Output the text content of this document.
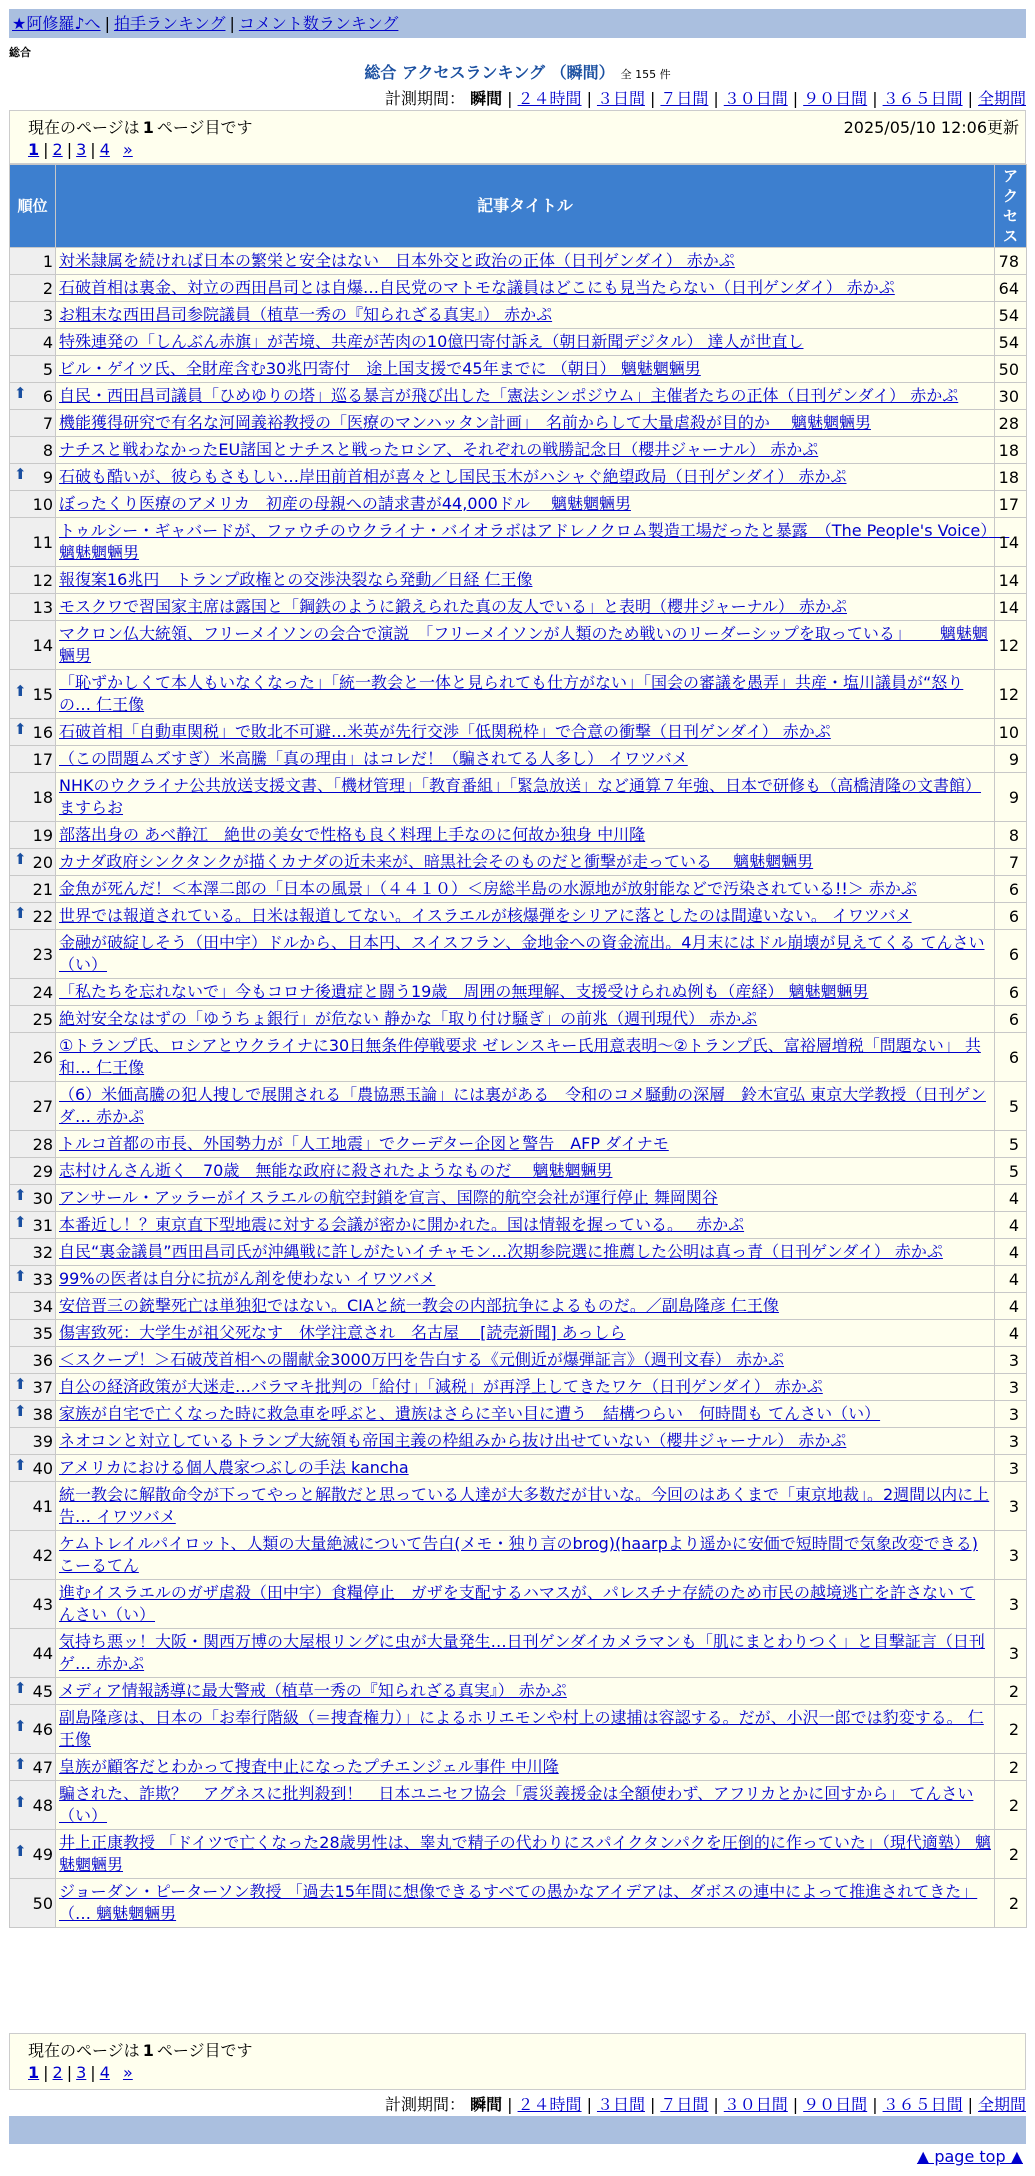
★阿修羅♪へ | 拍手ランキング | コメント数ランキング
総合
総合 アクセスランキング （瞬間） 全 155 件
計測期間： 瞬間 | ２４時間 | ３日間 | ７日間 | ３０日間 | ９０日間 | ３６５日間 | 全期間
現在のページは 1 ページ目です	2025/05/10 12:06更新
1 | 2 | 3 | 4 »
順位	記事タイトル	アクセス
1	対米隷属を続ければ日本の繁栄と安全はない　日本外交と政治の正体（日刊ゲンダイ） 赤かぷ	78
2	石破首相は裏金、対立の西田昌司とは自爆…自民党のマトモな議員はどこにも見当たらない（日刊ゲンダイ） 赤かぷ	64
3	お粗末な西田昌司参院議員（植草一秀の『知られざる真実』） 赤かぷ	54
4	特殊連発の「しんぶん赤旗」が苦境、共産が苦肉の10億円寄付訴え（朝日新聞デジタル） 達人が世直し	54
5	ビル・ゲイツ氏、全財産含む30兆円寄付　途上国支援で45年までに （朝日） 魑魅魍魎男	50

⬆ 6	自民・西田昌司議員「ひめゆりの塔」巡る暴言が飛び出した「憲法シンポジウム」主催者たちの正体（日刊ゲンダイ） 赤かぷ	30
7	機能獲得研究で有名な河岡義裕教授の「医療のマンハッタン計画」　名前からして大量虐殺が目的か　 魑魅魍魎男	28
8	ナチスと戦わなかったEU諸国とナチスと戦ったロシア、それぞれの戦勝記念日（櫻井ジャーナル） 赤かぷ	18

⬆ 9	石破も酷いが、彼らもさもしい…岸田前首相が喜々とし国民玉木がハシャぐ絶望政局（日刊ゲンダイ） 赤かぷ	18
10	ぼったくり医療のアメリカ　初産の母親への請求書が44,000ドル　 魑魅魍魎男	17
11	トゥルシー・ギャバードが、ファウチのウクライナ・バイオラボはアドレノクロム製造工場だったと暴露　（The People's Voice）　 魑魅魍魎男	14
12	報復案16兆円　トランプ政権との交渉決裂なら発動／日経 仁王像	14
13	モスクワで習国家主席は露国と「鋼鉄のように鍛えられた真の友人でいる」と表明（櫻井ジャーナル） 赤かぷ	14
14	マクロン仏大統領、フリーメイソンの会合で演説　「フリーメイソンが人類のため戦いのリーダーシップを取っている」　　 魑魅魍魎男	12

⬆ 15	「恥ずかしくて本人もいなくなった」「統一教会と一体と見られても仕方がない」「国会の審議を愚弄」共産・塩川議員が“怒りの… 仁王像	12

⬆ 16	石破首相「自動車関税」で敗北不可避…米英が先行交渉「低関税枠」で合意の衝撃（日刊ゲンダイ） 赤かぷ	10
17	（この問題ムズすぎ）米高騰「真の理由」はコレだ！（騙されてる人多し） イワツバメ	9
18	NHKのウクライナ公共放送支援文書、「機材管理」「教育番組」「緊急放送」など通算７年強、日本で研修も（高橋清隆の文書館） ますらお	9
19	部落出身の あべ静江　絶世の美女で性格も良く料理上手なのに何故か独身 中川隆	8

⬆ 20	カナダ政府シンクタンクが描くカナダの近未来が、暗黒社会そのものだと衝撃が走っている　 魑魅魍魎男	7
21	金魚が死んだ！＜本澤二郎の「日本の風景」（４４１０）＜房総半島の水源地が放射能などで汚染されている!!＞ 赤かぷ	6

⬆ 22	世界では報道されている。日米は報道してない。イスラエルが核爆弾をシリアに落としたのは間違いない。 イワツバメ	6
23	金融が破綻しそう（田中宇）ドルから、日本円、スイスフラン、金地金への資金流出。4月末にはドル崩壊が見えてくる てんさい（い）	6
24	「私たちを忘れないで」今もコロナ後遺症と闘う19歳　周囲の無理解、支援受けられぬ例も（産経） 魑魅魍魎男	6
25	絶対安全なはずの「ゆうちょ銀行」が危ない 静かな「取り付け騒ぎ」の前兆（週刊現代） 赤かぷ	6
26	①トランプ氏、ロシアとウクライナに30日無条件停戦要求 ゼレンスキー氏用意表明～②トランプ氏、富裕層増税「問題ない」 共和… 仁王像	6
27	（6）米価高騰の犯人捜しで展開される「農協悪玉論」には裏がある　令和のコメ騒動の深層　鈴木宣弘 東京大学教授（日刊ゲンダ… 赤かぷ	5
28	トルコ首都の市長、外国勢力が「人工地震」でクーデター企図と警告　AFP ダイナモ	5
29	志村けんさん逝く　70歳　無能な政府に殺されたようなものだ　 魑魅魍魎男	5

⬆ 30	アンサール・アッラーがイスラエルの航空封鎖を宣言、国際的航空会社が運行停止 舞岡関谷	4

⬆ 31	本番近し！？東京直下型地震に対する会議が密かに開かれた。国は情報を握っている。　 赤かぷ	4
32	自民“裏金議員”西田昌司氏が沖縄戦に許しがたいイチャモン…次期参院選に推薦した公明は真っ青（日刊ゲンダイ） 赤かぷ	4

⬆ 33	99%の医者は自分に抗がん剤を使わない イワツバメ	4
34	安倍晋三の銃撃死亡は単独犯ではない。CIAと統一教会の内部抗争によるものだ。／副島隆彦 仁王像	4
35	傷害致死：大学生が祖父死なす　休学注意され　名古屋　 [読売新聞] あっしら	4
36	＜スクープ！＞石破茂首相への闇献金3000万円を告白する《元側近が爆弾証言》（週刊文春） 赤かぷ	3

⬆ 37	自公の経済政策が大迷走…バラマキ批判の「給付」「減税」が再浮上してきたワケ（日刊ゲンダイ） 赤かぷ	3

⬆ 38	家族が自宅で亡くなった時に救急車を呼ぶと、遺族はさらに辛い目に遭う　結構つらい　何時間も てんさい（い）	3
39	ネオコンと対立しているトランプ大統領も帝国主義の枠組みから抜け出せていない（櫻井ジャーナル） 赤かぷ	3

⬆ 40	アメリカにおける個人農家つぶしの手法 kancha	3
41	統一教会に解散命令が下ってやっと解散だと思っている人達が大多数だが甘いな。今回のはあくまで「東京地裁」。2週間以内に上告… イワツバメ	3
42	ケムトレイルパイロット、人類の大量絶滅について告白(メモ・独り言のbrog)(haarpより遥かに安価で短時間で気象改変できる) こーるてん	3
43	進むイスラエルのガザ虐殺（田中宇）食糧停止　ガザを支配するハマスが、パレスチナ存続のため市民の越境逃亡を許さない てんさい（い）	3
44	気持ち悪ッ！大阪・関西万博の大屋根リングに虫が大量発生…日刊ゲンダイカメラマンも「肌にまとわりつく」と目撃証言（日刊ゲ… 赤かぷ	3

⬆ 45	メディア情報誘導に最大警戒（植草一秀の『知られざる真実』） 赤かぷ	2

⬆ 46	副島隆彦は、日本の「お奉行階級（＝捜査権力）」によるホリエモンや村上の逮捕は容認する。だが、小沢一郎では豹変する。 仁王像	2

⬆ 47	皇族が顧客だとわかって捜査中止になったプチエンジェル事件 中川隆	2

⬆ 48	騙された、詐欺？　アグネスに批判殺到！　日本ユニセフ協会「震災義援金は全額使わず、アフリカとかに回すから」 てんさい（い）	2

⬆ 49	井上正康教授 「ドイツで亡くなった28歳男性は、睾丸で精子の代わりにスパイクタンパクを圧倒的に作っていた」（現代適塾） 魑魅魍魎男	2
50	ジョーダン・ピーターソン教授 「過去15年間に想像できるすべての愚かなアイデアは、ダボスの連中によって推進されてきた」（… 魑魅魍魎男	2
現在のページは 1 ページ目です
1 | 2 | 3 | 4 »
計測期間： 瞬間 | ２４時間 | ３日間 | ７日間 | ３０日間 | ９０日間 | ３６５日間 | 全期間
▲ page top ▲
